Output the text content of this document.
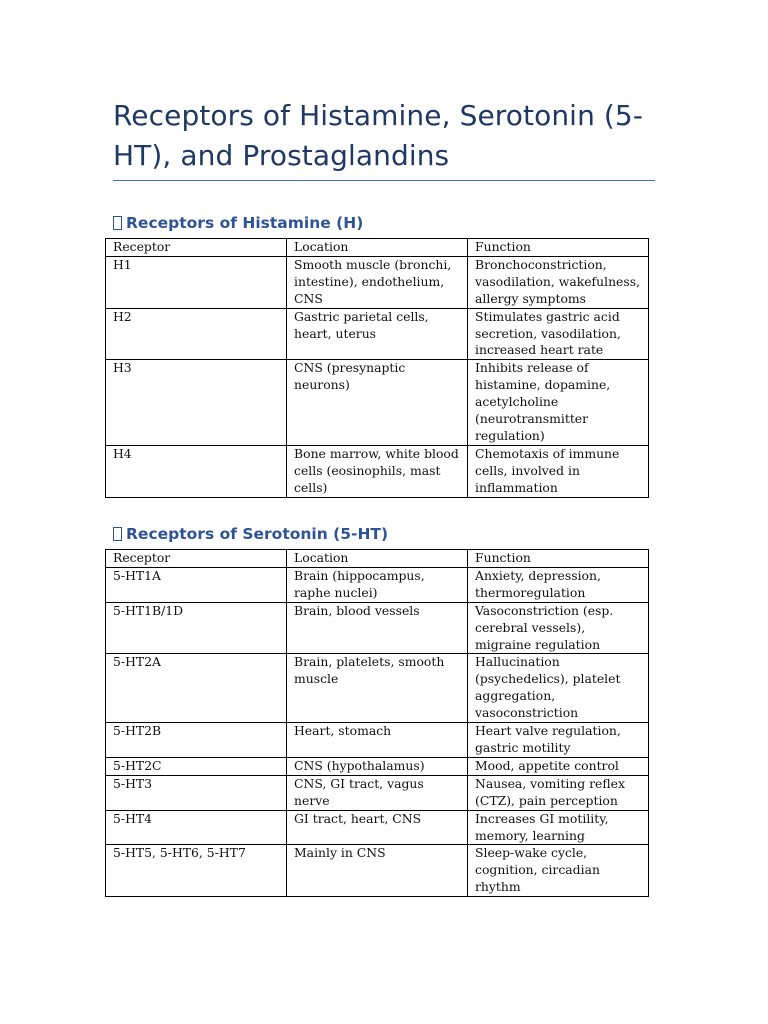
Receptors of Histamine, Serotonin (5-HT), and Prostaglandins
Receptors of Histamine (H)
Receptor	Location	Function
H1	Smooth muscle (bronchi, intestine), endothelium, CNS	Bronchoconstriction, vasodilation, wakefulness, allergy symptoms
H2	Gastric parietal cells, heart, uterus	Stimulates gastric acid secretion, vasodilation, increased heart rate
H3	CNS (presynaptic neurons)	Inhibits release of histamine, dopamine, acetylcholine (neurotransmitter regulation)
H4	Bone marrow, white blood cells (eosinophils, mast cells)	Chemotaxis of immune cells, involved in inflammation
Receptors of Serotonin (5-HT)
Receptor	Location	Function
5-HT1A	Brain (hippocampus, raphe nuclei)	Anxiety, depression, thermoregulation
5-HT1B/1D	Brain, blood vessels	Vasoconstriction (esp. cerebral vessels), migraine regulation
5-HT2A	Brain, platelets, smooth muscle	Hallucination (psychedelics), platelet aggregation, vasoconstriction
5-HT2B	Heart, stomach	Heart valve regulation, gastric motility
5-HT2C	CNS (hypothalamus)	Mood, appetite control
5-HT3	CNS, GI tract, vagus nerve	Nausea, vomiting reflex (CTZ), pain perception
5-HT4	GI tract, heart, CNS	Increases GI motility, memory, learning
5-HT5, 5-HT6, 5-HT7	Mainly in CNS	Sleep-wake cycle, cognition, circadian rhythm
